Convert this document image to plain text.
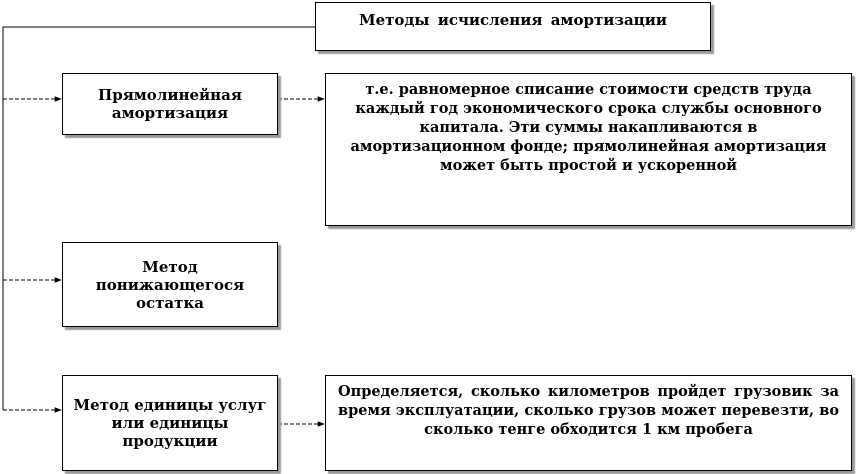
Методы исчисления амортизации
Прямолинейная амортизация
т.е. равномерное списание стоимости средств труда каждый год экономического срока службы основного капитала. Эти суммы накапливаются в амортизационном фонде; прямолинейная амортизация может быть простой и ускоренной
Метод понижающегося остатка
Метод единицы услуг или единицы продукции
Определяется, сколько километров пройдет грузовик за время эксплуатации, сколько грузов может перевезти, во сколько тенге обходится 1 км пробега
